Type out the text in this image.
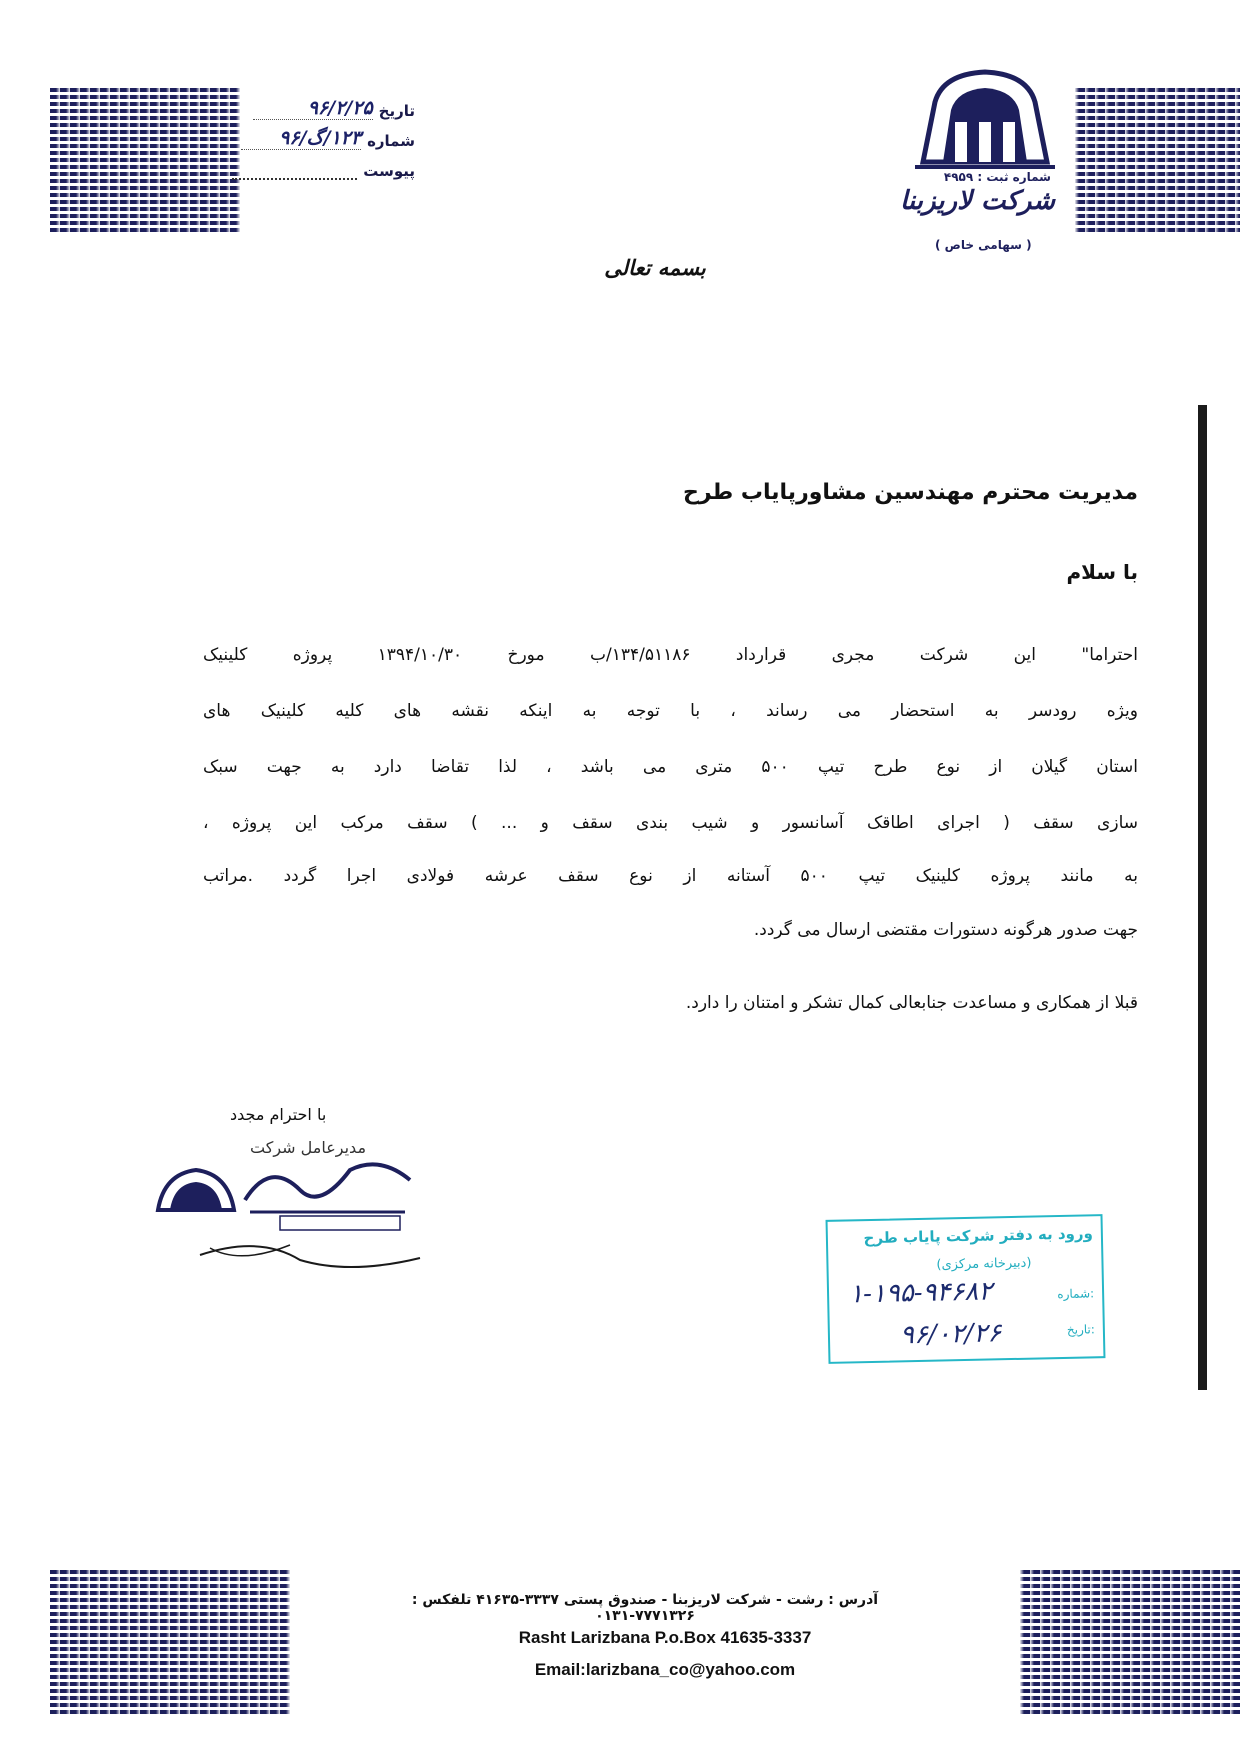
شماره ثبت : ۴۹۵۹
شرکت لاریزبنا
( سهامی خاص )
تاریخ
۹۶/۲/۲۵
شماره
۱۲۳/گ/۹۶
پیوست
بسمه تعالی
مدیریت محترم مهندسین مشاورپایاب طرح
با سلام
احتراما" این شرکت مجری قرارداد ۱۳۴/۵۱۱۸۶/ب مورخ ۱۳۹۴/۱۰/۳۰ پروژه کلینیک
ویژه رودسر به استحضار می رساند ، با توجه به اینکه نقشه های کلیه کلینیک های
استان گیلان از نوع طرح تیپ ۵۰۰ متری می باشد ، لذا تقاضا دارد به جهت سبک
سازی سقف ( اجرای اطاقک آسانسور و شیب بندی سقف و ... ) سقف مرکب این پروژه ،
به مانند پروژه کلینیک تیپ ۵۰۰ آستانه از نوع سقف عرشه فولادی اجرا گردد .مراتب
جهت صدور هرگونه دستورات مقتضی ارسال می گردد.
قبلا از همکاری و مساعدت جنابعالی کمال تشکر و امتنان را دارد.
با احترام مجدد
مدیرعامل شرکت
ورود به دفتر شرکت پایاب طرح
(دبیرخانه مرکزی)
شماره:
تاریخ:
۱-۱۹۵-۹۴۶۸۲
۹۶/۰۲/۲۶
آدرس : رشت - شرکت لاریزبنا - صندوق پستی ۳۳۳۷-۴۱۶۳۵ تلفکس : ۷۷۷۱۳۲۶-۰۱۳۱
Rasht Larizbana P.o.Box 41635-3337
Email:larizbana_co@yahoo.com
